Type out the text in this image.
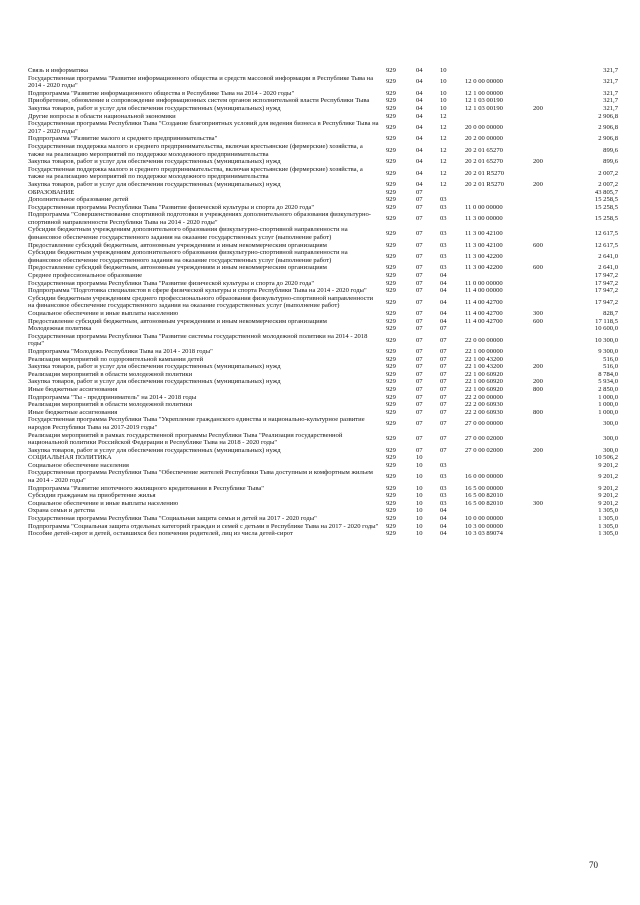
Связь и информатика	929	04	10	321,7
Государственная программа "Развитие информационного общества и средств массовой информации в Республике Тыва на 2014 - 2020 годы"
929	04	10	12 0 00 00000	321,7
Подпрограмма "Развитие информационного общества в Республике Тыва на 2014 - 2020 годы"	929	04	10	12 1 00 00000	321,7
Приобретение, обновление и сопровождение информационных систем органов исполнительной власти Республики Тыва	929	04	10	12 1 03 00190	321,7
Закупка товаров, работ и услуг для обеспечения государственных (муниципальных) нужд	929	04	10	12 1 03 00190	200	321,7
Другие вопросы в области национальной экономики	929	04	12	2 906,8
Государственная программа Республики Тыва "Создание благоприятных условий для ведения бизнеса в Республике Тыва на 2017 - 2020 годы"
929	04	12	20 0 00 00000	2 906,8
Подпрограмма "Развитие малого и среднего предпринимательства"	929	04	12	20 2 00 00000	2 906,8
Государственная поддержка малого и среднего предпринимательства, включая крестьянские (фермерские) хозяйства, а также на реализацию мероприятий по поддержке молодежного предпринимательства
929	04	12	20 2 01 65270	899,6
Закупка товаров, работ и услуг для обеспечения государственных (муниципальных) нужд	929	04	12	20 2 01 65270	200	899,6
Государственная поддержка малого и среднего предпринимательства, включая крестьянские (фермерские) хозяйства, а также на реализацию мероприятий по поддержке молодежного предпринимательства
929	04	12	20 2 01 R5270	2 007,2
Закупка товаров, работ и услуг для обеспечения государственных (муниципальных) нужд	929	04	12	20 2 01 R5270	200	2 007,2
ОБРАЗОВАНИЕ	929	07	43 805,7
Дополнительное образование детей	929	07	03	15 258,5
Государственная программа Республики Тыва "Развитие физической культуры и спорта до 2020 года"	929	07	03	11 0 00 00000	15 258,5
Подпрограмма "Совершенствование спортивной подготовки в учреждениях дополнительного образования физкультурно-спортивной направленности Республики Тыва на 2014 - 2020 годы"
929	07	03	11 3 00 00000	15 258,5
Субсидии бюджетным учреждениям дополнительного образования физкультурно-спортивной направленности на финансовое обеспечение государственного задания на оказание государственных услуг (выполнение работ)
929	07	03	11 3 00 42100	12 617,5
Предоставление субсидий бюджетным, автономным учреждениям и иным некоммерческим организациям	929	07	03	11 3 00 42100	600	12 617,5
Субсидии бюджетным учреждениям дополнительного образования физкультурно-спортивной направленности на финансовое обеспечение государственного задания на оказание государственных услуг (выполнение работ)
929	07	03	11 3 00 42200	2 641,0
Предоставление субсидий бюджетным, автономным учреждениям и иным некоммерческим организациям	929	07	03	11 3 00 42200	600	2 641,0
Среднее профессиональное образование	929	07	04	17 947,2
Государственная программа Республики Тыва "Развитие физической культуры и спорта до 2020 года"	929	07	04	11 0 00 00000	17 947,2
Подпрограмма "Подготовка специалистов в сфере физической культуры и спорта Республики Тыва на 2014 - 2020 годы"	929	07	04	11 4 00 00000	17 947,2
Субсидии бюджетным учреждениям среднего профессионального образования физкультурно-спортивной направленности на финансовое обеспечение государственного задания на оказание государственных услуг (выполнение работ)
929	07	04	11 4 00 42700	17 947,2
Социальное обеспечение и иные выплаты населению	929	07	04	11 4 00 42700	300	828,7
Предоставление субсидий бюджетным, автономным учреждениям и иным некоммерческим организациям	929	07	04	11 4 00 42700	600	17 118,5
Молодежная политика	929	07	07	10 600,0
Государственная программа Республики Тыва "Развитие системы государственной молодежной политики на 2014 - 2018 годы"
929	07	07	22 0 00 00000	10 300,0
Подпрограмма "Молодежь Республики Тыва на 2014 - 2018 годы"	929	07	07	22 1 00 00000	9 300,0
Реализация мероприятий по оздоровительной кампании детей	929	07	07	22 1 00 43200	516,0
Закупка товаров, работ и услуг для обеспечения государственных (муниципальных) нужд	929	07	07	22 1 00 43200	200	516,0
Реализация мероприятий в области молодежной политики	929	07	07	22 1 00 60920	8 784,0
Закупка товаров, работ и услуг для обеспечения государственных (муниципальных) нужд	929	07	07	22 1 00 60920	200	5 934,0
Иные бюджетные ассигнования	929	07	07	22 1 00 60920	800	2 850,0
Подпрограмма "Ты - предприниматель" на 2014 - 2018 годы	929	07	07	22 2 00 00000	1 000,0
Реализация мероприятий в области молодежной политики	929	07	07	22 2 00 60930	1 000,0
Иные бюджетные ассигнования	929	07	07	22 2 00 60930	800	1 000,0
Государственная программа Республики Тыва "Укрепление гражданского единства и национально-культурное развитие народов Республики Тыва на 2017-2019 годы"
929	07	07	27 0 00 00000	300,0
Реализация мероприятий в рамках государственной программы Республики Тыва "Реализация государственной национальной политики Российской Федерации в Республике Тыва на 2018 - 2020 годы"
929	07	07	27 0 00 02000	300,0
Закупка товаров, работ и услуг для обеспечения государственных (муниципальных) нужд	929	07	07	27 0 00 02000	200	300,0
СОЦИАЛЬНАЯ ПОЛИТИКА	929	10	10 506,2
Социальное обеспечение населения	929	10	03	9 201,2
Государственная программа Республики Тыва "Обеспечение жителей Республики Тыва доступным и комфортным жильем на 2014 - 2020 годы"
929	10	03	16 0 00 00000	9 201,2
Подпрограмма "Развитие ипотечного жилищного кредитования в Республике Тыва"	929	10	03	16 5 00 00000	9 201,2
Субсидии гражданам на приобретение жилья	929	10	03	16 5 00 82010	9 201,2
Социальное обеспечение и иные выплаты населению	929	10	03	16 5 00 82010	300	9 201,2
Охрана семьи и детства	929	10	04	1 305,0
Государственная программа Республики Тыва "Социальная защита семьи и детей на 2017 - 2020 годы"	929	10	04	10 0 00 00000	1 305,0
Подпрограмма "Социальная защита отдельных категорий граждан и семей с детьми в Республике Тыва на 2017 - 2020 годы"	929	10	04	10 3 00 00000	1 305,0
Пособие детей-сирот и детей, оставшихся без попечения родителей, лиц из числа детей-сирот	929	10	04	10 3 03 89074	1 305,0
70
